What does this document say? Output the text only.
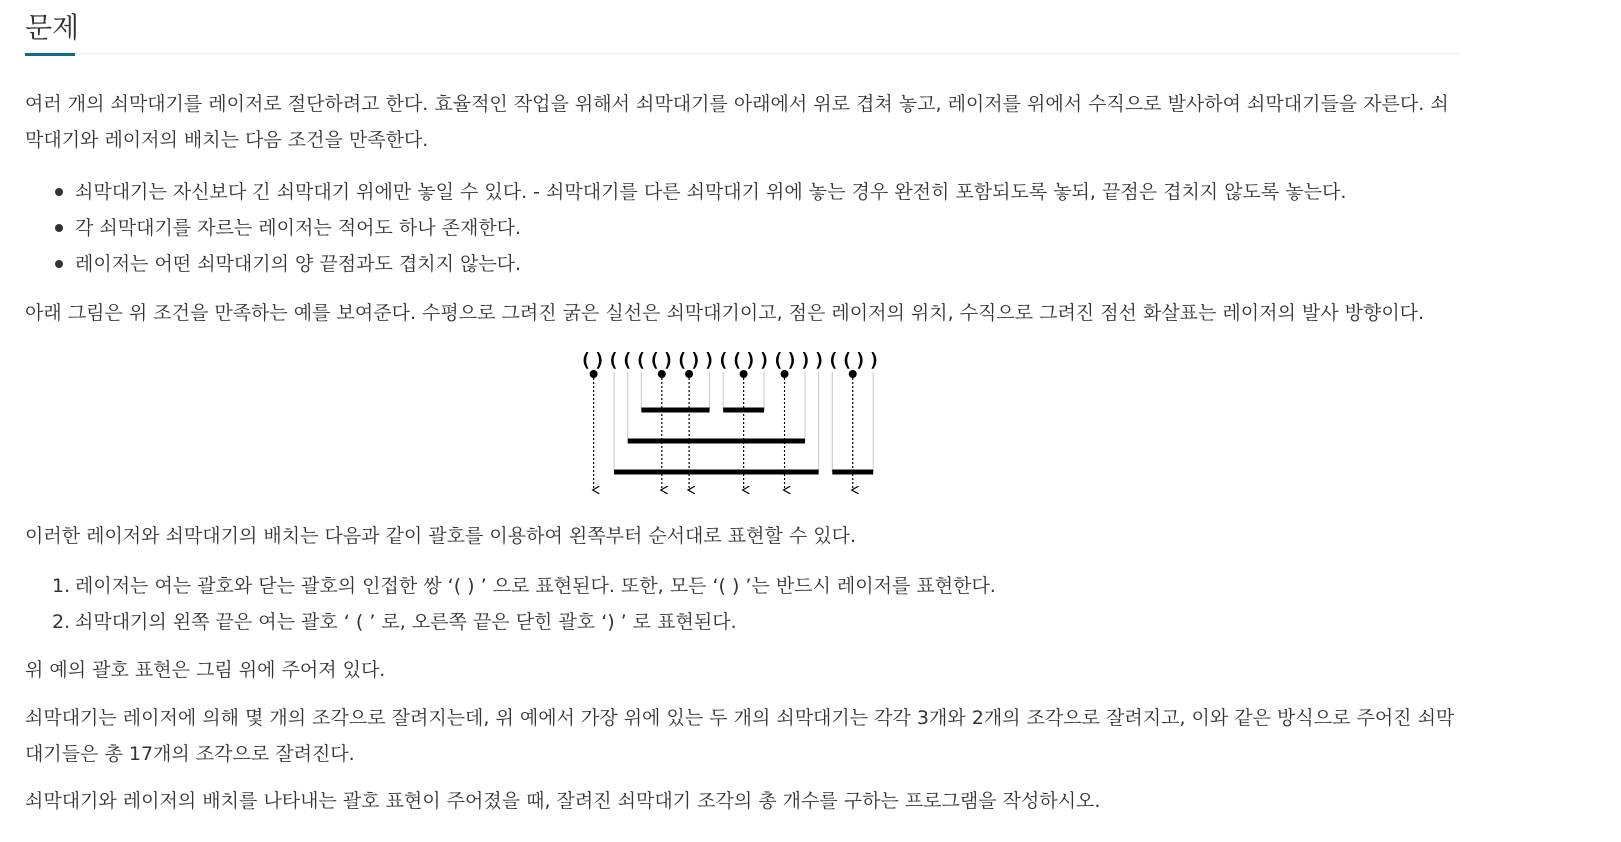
문제

여러 개의 쇠막대기를 레이저로 절단하려고 한다. 효율적인 작업을 위해서 쇠막대기를 아래에서 위로 겹쳐 놓고, 레이저를 위에서 수직으로 발사하여 쇠막대기들을 자른다. 쇠

막대기와 레이저의 배치는 다음 조건을 만족한다.

쇠막대기는 자신보다 긴 쇠막대기 위에만 놓일 수 있다. - 쇠막대기를 다른 쇠막대기 위에 놓는 경우 완전히 포함되도록 놓되, 끝점은 겹치지 않도록 놓는다.

각 쇠막대기를 자르는 레이저는 적어도 하나 존재한다.

레이저는 어떤 쇠막대기의 양 끝점과도 겹치지 않는다.

아래 그림은 위 조건을 만족하는 예를 보여준다. 수평으로 그려진 굵은 실선은 쇠막대기이고, 점은 레이저의 위치, 수직으로 그려진 점선 화살표는 레이저의 발사 방향이다.

()(((()())(())()))(())

이러한 레이저와 쇠막대기의 배치는 다음과 같이 괄호를 이용하여 왼쪽부터 순서대로 표현할 수 있다.

1. 레이저는 여는 괄호와 닫는 괄호의 인접한 쌍 ‘( ) ’ 으로 표현된다. 또한, 모든 ‘( ) ’는 반드시 레이저를 표현한다.

2. 쇠막대기의 왼쪽 끝은 여는 괄호 ‘ ( ’ 로, 오른쪽 끝은 닫힌 괄호 ‘) ’ 로 표현된다.

위 예의 괄호 표현은 그림 위에 주어져 있다.

쇠막대기는 레이저에 의해 몇 개의 조각으로 잘려지는데, 위 예에서 가장 위에 있는 두 개의 쇠막대기는 각각 3개와 2개의 조각으로 잘려지고, 이와 같은 방식으로 주어진 쇠막

대기들은 총 17개의 조각으로 잘려진다.

쇠막대기와 레이저의 배치를 나타내는 괄호 표현이 주어졌을 때, 잘려진 쇠막대기 조각의 총 개수를 구하는 프로그램을 작성하시오.
